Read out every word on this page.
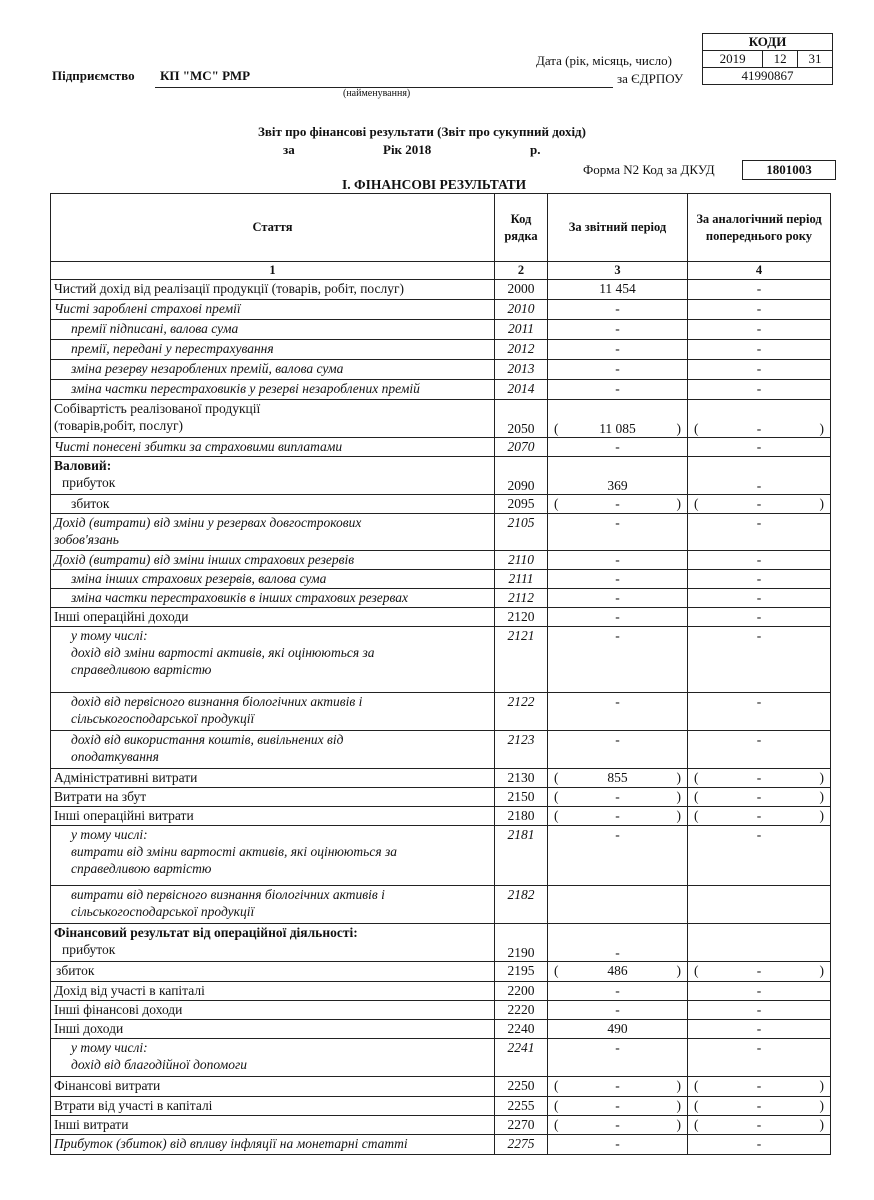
КОДИ
2019	12	31
41990867
Дата (рік, місяць, число)
за ЄДРПОУ
Підприємство КП "МС" РМР
(найменування)
Звіт про фінансові результати (Звіт про сукупний дохід)
за	Рік 2018	р.
Форма N2 Код за ДКУД	1801003
І. ФІНАНСОВІ РЕЗУЛЬТАТИ
Стаття	Код рядка	За звітний період	За аналогічний період попереднього року
1	2	3	4
Чистий дохід від реалізації продукції (товарів, робіт, послуг)	2000	11 454	-
Чисті зароблені страхові премії	2010	-	-
премії підписані, валова сума	2011	-	-
премії, передані у перестрахування	2012	-	-
зміна резерву незароблених премій, валова сума	2013	-	-
зміна частки перестраховиків у резерві незароблених премій	2014	-	-
Собівартість реалізованої продукції
(товарів,робіт, послуг)	2050	( 11 085 )	( - )

Чисті понесені збитки за страховими виплатами	2070	-	-

Валовий:
прибуток	2090	369	-
збиток	2095	( - )	( - )

Дохід (витрати) від зміни у резервах довгострокових
зобов'язань	2105	-	-
Дохід (витрати) від зміни інших страхових резервів	2110	-	-
зміна інших страхових резервів, валова сума	2111	-	-
зміна частки перестраховиків в інших страхових резервах	2112	-	-
Інші операційні доходи	2120	-	-
у тому числі:
дохід від зміни вартості активів, які оцінюються за
справедливою вартістю	2121	-	-
дохід від первісного визнання біологічних активів і
сільськогосподарської продукції	2122	-	-
дохід від використання коштів, вивільнених від
оподаткування	2123	-	-
Адміністративні витрати	2130	( 855 )	( - )

Витрати на збут	2150	( - )	( - )

Інші операційні витрати	2180	( - )	( - )

у тому числі:
витрати від зміни вартості активів, які оцінюються за
справедливою вартістю	2181	-	-
витрати від первісного визнання біологічних активів і
сільськогосподарської продукції	2182		

Фінансовий результат від операційної діяльності:
прибуток	2190	-	
збиток	2195	( 486 )	( - )

Дохід від участі в капіталі	2200	-	-
Інші фінансові доходи	2220	-	-
Інші доходи	2240	490	-
у тому числі:
дохід від благодійної допомоги	2241	-	-
Фінансові витрати	2250	( - )	( - )

Втрати від участі в капіталі	2255	( - )	( - )

Інші витрати	2270	( - )	( - )

Прибуток (збиток) від впливу інфляції на монетарні статті	2275	-	-
